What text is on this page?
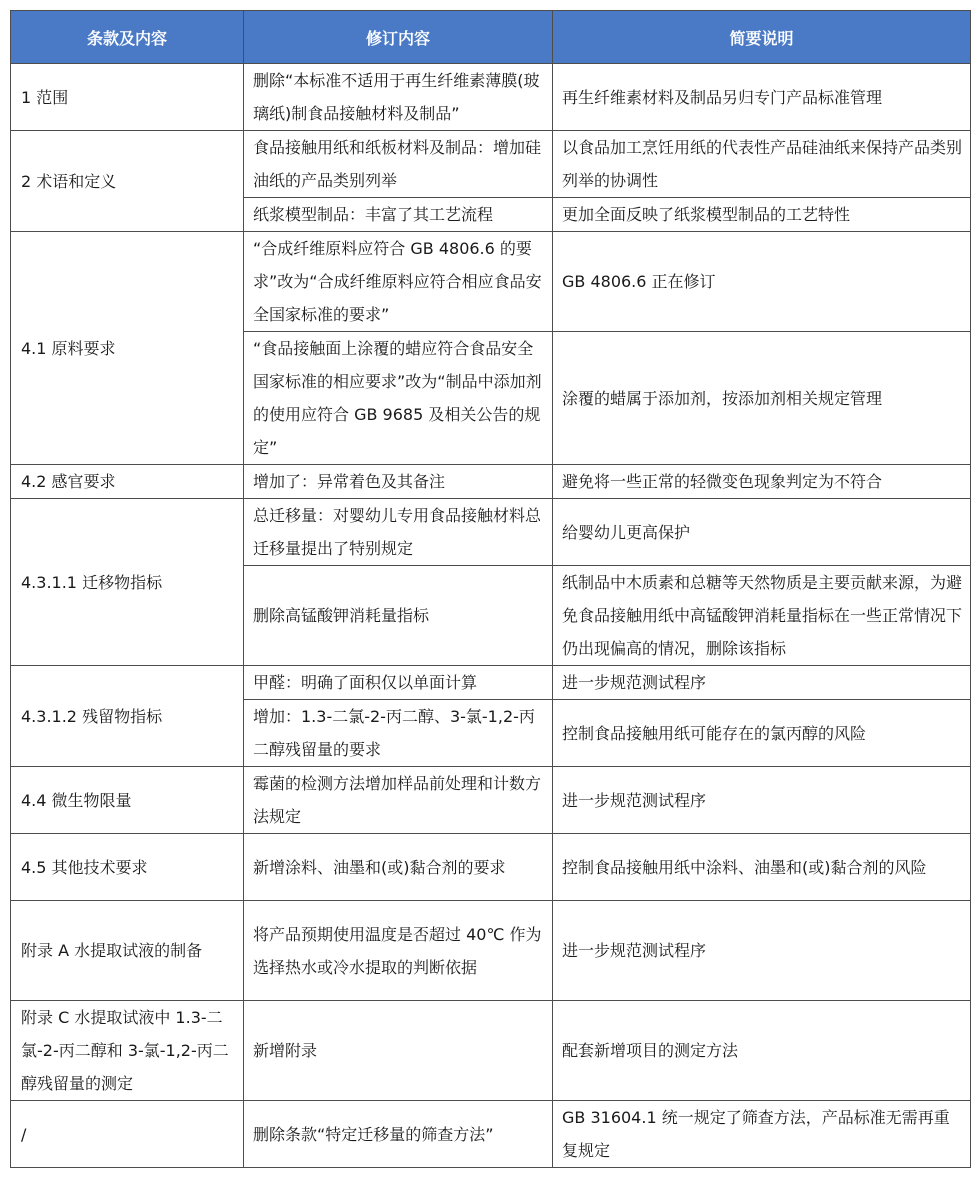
条款及内容	修订内容	简要说明
1 范围	删除“本标准不适用于再生纤维素薄膜(玻璃纸)制食品接触材料及制品”	再生纤维素材料及制品另归专门产品标准管理
2 术语和定义	食品接触用纸和纸板材料及制品：增加硅油纸的产品类别列举	以食品加工烹饪用纸的代表性产品硅油纸来保持产品类别列举的协调性
	纸浆模型制品：丰富了其工艺流程	更加全面反映了纸浆模型制品的工艺特性
4.1 原料要求	“合成纤维原料应符合 GB 4806.6 的要求”改为“合成纤维原料应符合相应食品安全国家标准的要求”	GB 4806.6 正在修订
	“食品接触面上涂覆的蜡应符合食品安全国家标准的相应要求”改为“制品中添加剂的使用应符合 GB 9685 及相关公告的规定”	涂覆的蜡属于添加剂，按添加剂相关规定管理
4.2 感官要求	增加了：异常着色及其备注	避免将一些正常的轻微变色现象判定为不符合
4.3.1.1 迁移物指标	总迁移量：对婴幼儿专用食品接触材料总迁移量提出了特别规定	给婴幼儿更高保护
	删除高锰酸钾消耗量指标	纸制品中木质素和总糖等天然物质是主要贡献来源，为避免食品接触用纸中高锰酸钾消耗量指标在一些正常情况下仍出现偏高的情况，删除该指标
4.3.1.2 残留物指标	甲醛：明确了面积仅以单面计算	进一步规范测试程序
	增加：1.3-二氯-2-丙二醇、3-氯-1,2-丙二醇残留量的要求	控制食品接触用纸可能存在的氯丙醇的风险
4.4 微生物限量	霉菌的检测方法增加样品前处理和计数方法规定	进一步规范测试程序
4.5 其他技术要求	新增涂料、油墨和(或)黏合剂的要求	控制食品接触用纸中涂料、油墨和(或)黏合剂的风险
附录 A 水提取试液的制备	将产品预期使用温度是否超过 40℃ 作为选择热水或冷水提取的判断依据	进一步规范测试程序
附录 C 水提取试液中 1.3-二氯-2-丙二醇和 3-氯-1,2-丙二醇残留量的测定	新增附录	配套新增项目的测定方法
/	删除条款“特定迁移量的筛查方法”	GB 31604.1 统一规定了筛查方法，产品标准无需再重复规定
